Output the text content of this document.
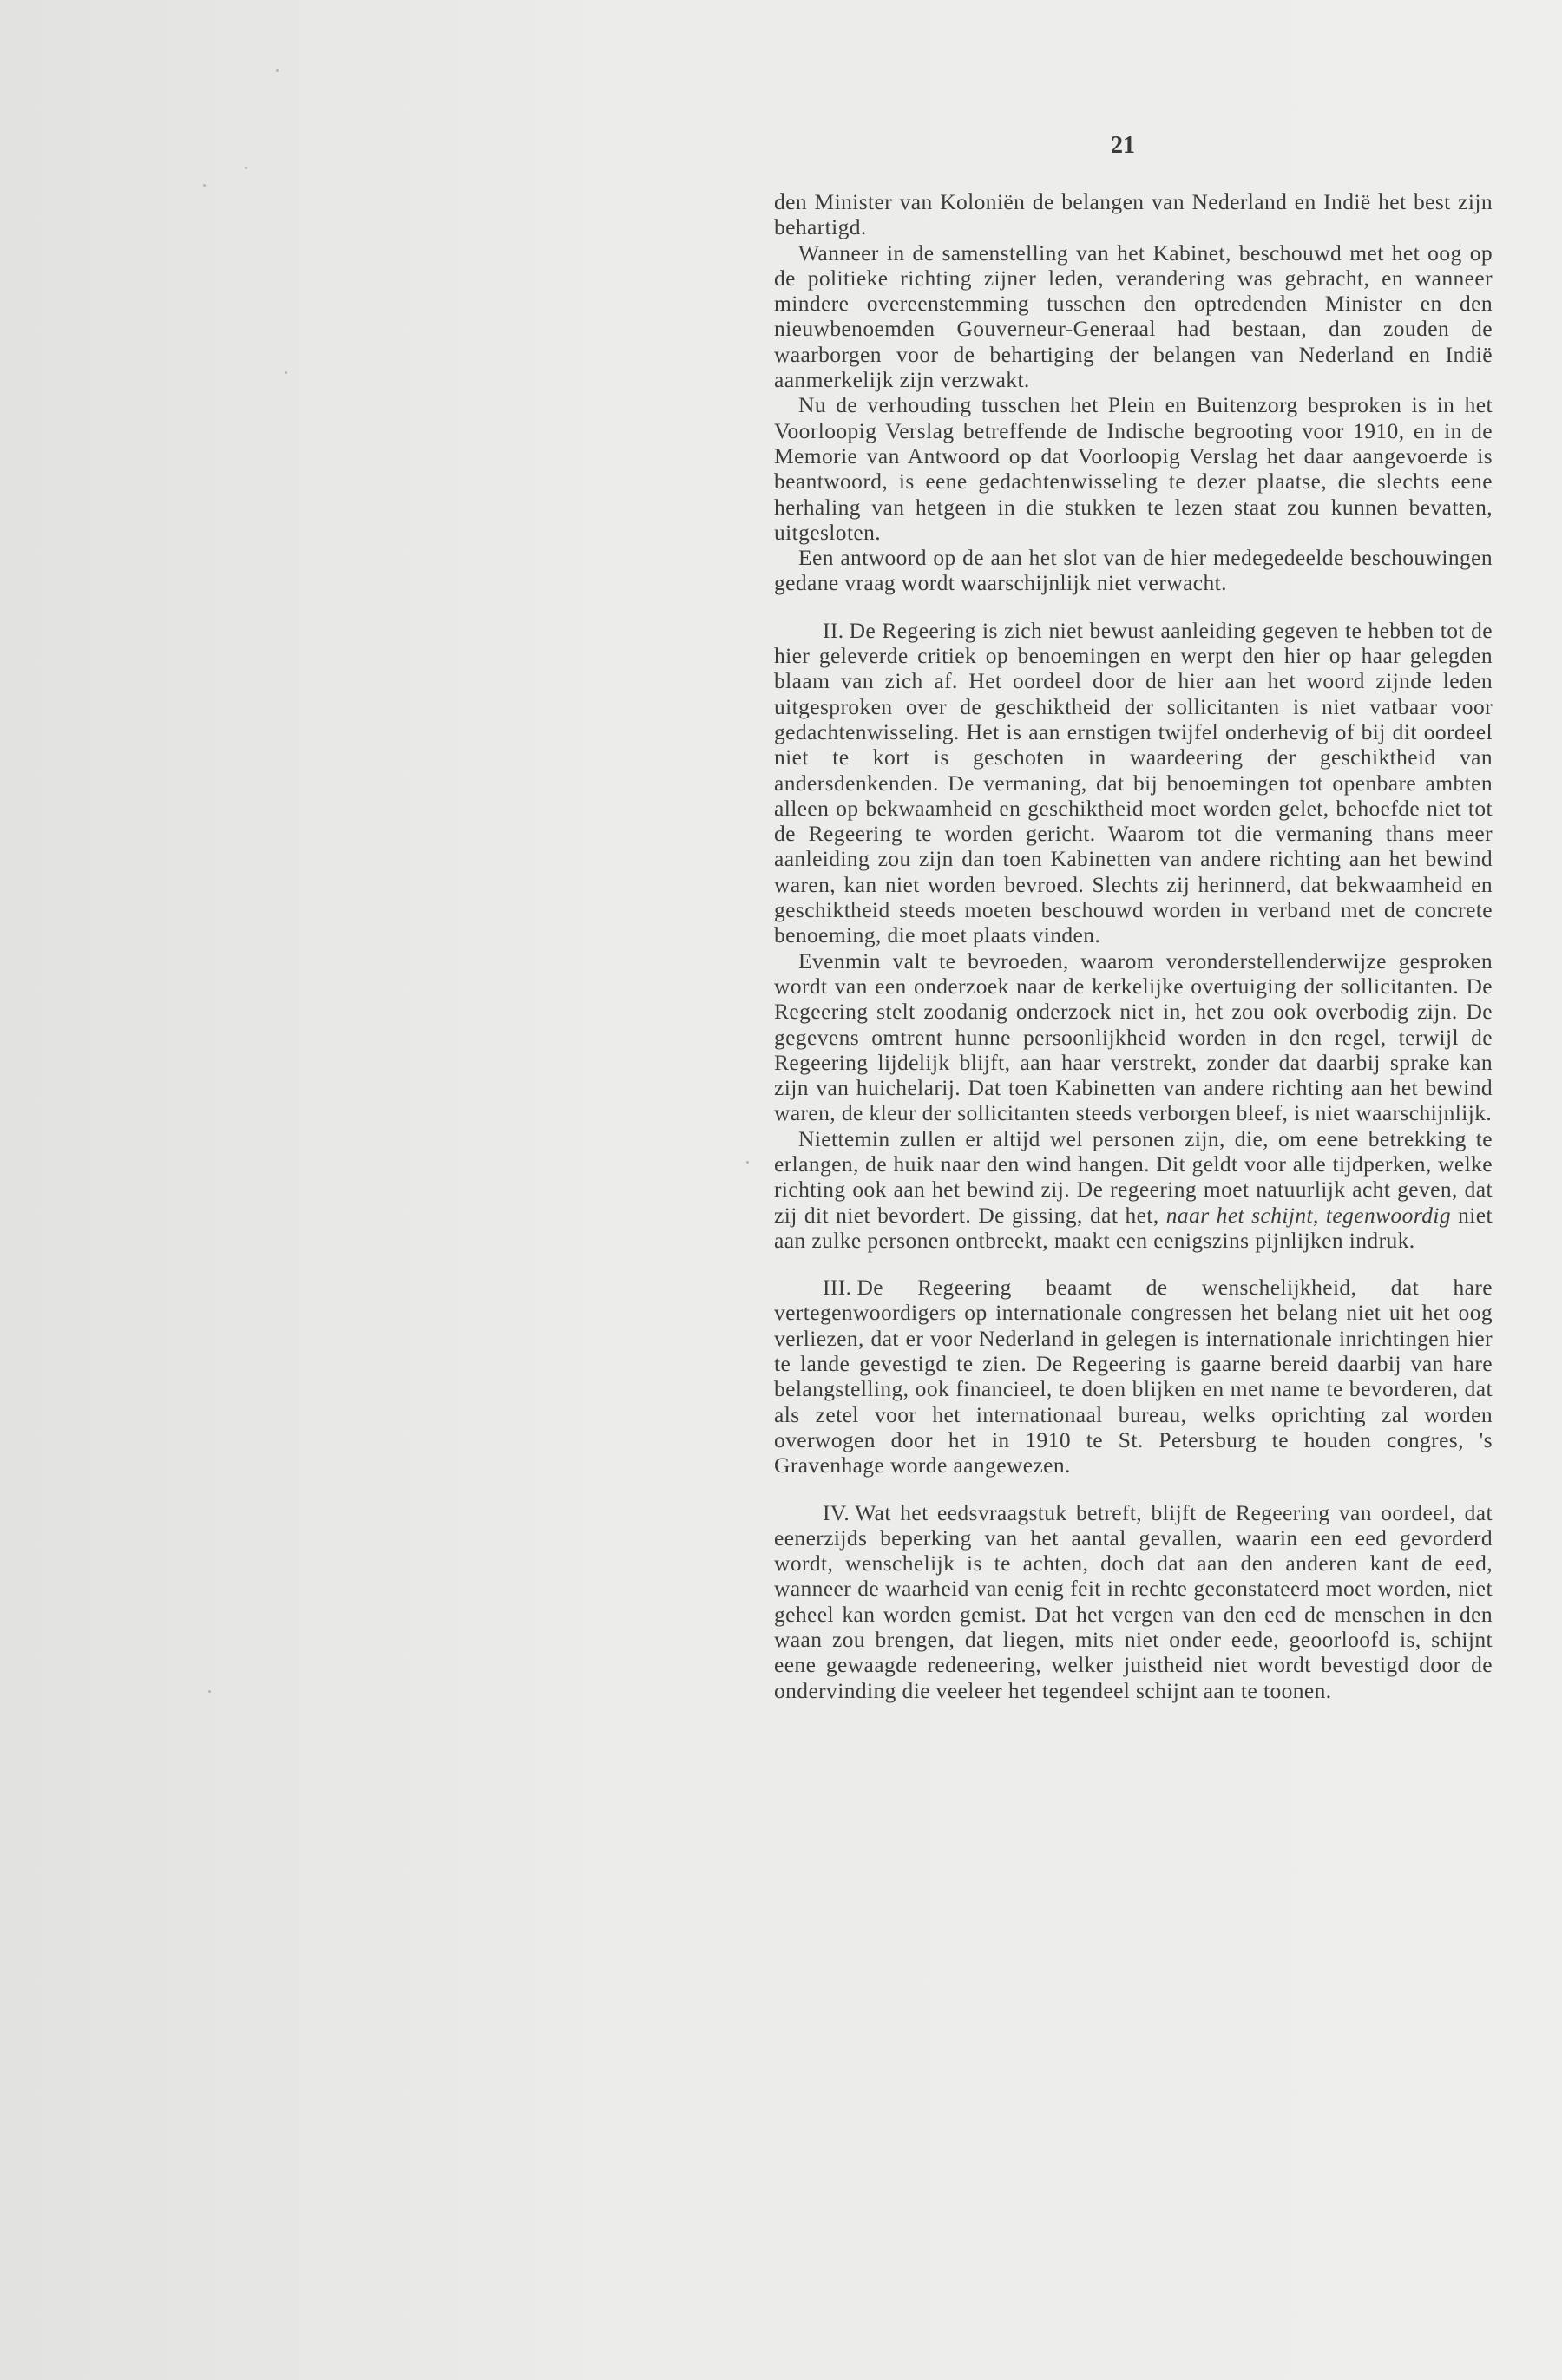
21

den Minister van Koloniën de belangen van Nederland en Indië het best zijn behartigd.

Wanneer in de samenstelling van het Kabinet, beschouwd met het oog op de politieke richting zijner leden, verandering was gebracht, en wanneer mindere overeenstemming tusschen den optredenden Minister en den nieuwbenoemden Gouverneur-Generaal had bestaan, dan zouden de waarborgen voor de behartiging der belangen van Nederland en Indië aanmerkelijk zijn verzwakt.

Nu de verhouding tusschen het Plein en Buitenzorg besproken is in het Voorloopig Verslag betreffende de Indische begrooting voor 1910, en in de Memorie van Antwoord op dat Voorloopig Verslag het daar aangevoerde is beantwoord, is eene gedachtenwisseling te dezer plaatse, die slechts eene herhaling van hetgeen in die stukken te lezen staat zou kunnen bevatten, uitgesloten.

Een antwoord op de aan het slot van de hier medegedeelde beschouwingen gedane vraag wordt waarschijnlijk niet verwacht.

II. De Regeering is zich niet bewust aanleiding gegeven te hebben tot de hier geleverde critiek op benoemingen en werpt den hier op haar gelegden blaam van zich af. Het oordeel door de hier aan het woord zijnde leden uitgesproken over de geschiktheid der sollicitanten is niet vatbaar voor gedachtenwisseling. Het is aan ernstigen twijfel onderhevig of bij dit oordeel niet te kort is geschoten in waardeering der geschiktheid van andersdenkenden. De vermaning, dat bij benoemingen tot openbare ambten alleen op bekwaamheid en geschiktheid moet worden gelet, behoefde niet tot de Regeering te worden gericht. Waarom tot die vermaning thans meer aanleiding zou zijn dan toen Kabinetten van andere richting aan het bewind waren, kan niet worden bevroed. Slechts zij herinnerd, dat bekwaamheid en geschiktheid steeds moeten beschouwd worden in verband met de concrete benoeming, die moet plaats vinden.

Evenmin valt te bevroeden, waarom veronderstellenderwijze gesproken wordt van een onderzoek naar de kerkelijke overtuiging der sollicitanten. De Regeering stelt zoodanig onderzoek niet in, het zou ook overbodig zijn. De gegevens omtrent hunne persoonlijkheid worden in den regel, terwijl de Regeering lijdelijk blijft, aan haar verstrekt, zonder dat daarbij sprake kan zijn van huichelarij. Dat toen Kabinetten van andere richting aan het bewind waren, de kleur der sollicitanten steeds verborgen bleef, is niet waarschijnlijk.

Niettemin zullen er altijd wel personen zijn, die, om eene betrekking te erlangen, de huik naar den wind hangen. Dit geldt voor alle tijdperken, welke richting ook aan het bewind zij. De regeering moet natuurlijk acht geven, dat zij dit niet bevordert. De gissing, dat het, naar het schijnt, tegenwoordig niet aan zulke personen ontbreekt, maakt een eenigszins pijnlijken indruk.

III. De Regeering beaamt de wenschelijkheid, dat hare vertegenwoordigers op internationale congressen het belang niet uit het oog verliezen, dat er voor Nederland in gelegen is internationale inrichtingen hier te lande gevestigd te zien. De Regeering is gaarne bereid daarbij van hare belangstelling, ook financieel, te doen blijken en met name te bevorderen, dat als zetel voor het internationaal bureau, welks oprichting zal worden overwogen door het in 1910 te St. Petersburg te houden congres, 's Gravenhage worde aangewezen.

IV. Wat het eedsvraagstuk betreft, blijft de Regeering van oordeel, dat eenerzijds beperking van het aantal gevallen, waarin een eed gevorderd wordt, wenschelijk is te achten, doch dat aan den anderen kant de eed, wanneer de waarheid van eenig feit in rechte geconstateerd moet worden, niet geheel kan worden gemist. Dat het vergen van den eed de menschen in den waan zou brengen, dat liegen, mits niet onder eede, geoorloofd is, schijnt eene gewaagde redeneering, welker juistheid niet wordt bevestigd door de ondervinding die veeleer het tegendeel schijnt aan te toonen.
